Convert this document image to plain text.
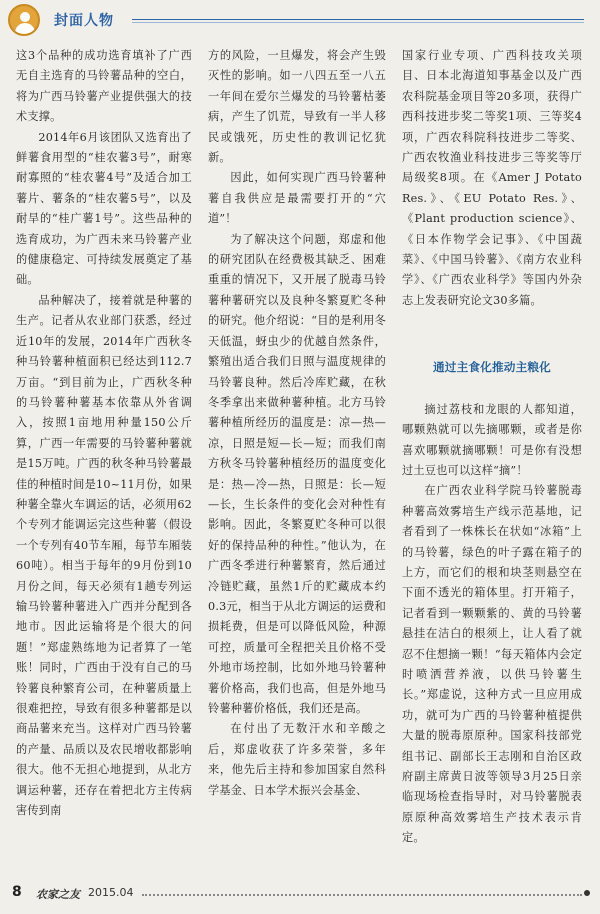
封面人物

这3个品种的成功选育填补了广西无自主选育的马铃薯品种的空白，将为广西马铃薯产业提供强大的技术支撑。

2014年6月该团队又选育出了鲜薯食用型的“桂农薯3号”，耐寒耐寡照的“桂农薯4号”及适合加工薯片、薯条的“桂农薯5号”，以及耐旱的“桂广薯1号”。这些品种的选育成功，为广西未来马铃薯产业的健康稳定、可持续发展奠定了基础。

品种解决了，接着就是种薯的生产。记者从农业部门获悉，经过近10年的发展，2014年广西秋冬种马铃薯种植面积已经达到112.7万亩。“到目前为止，广西秋冬种的马铃薯种薯基本依靠从外省调入，按照1亩地用种量150公斤算，广西一年需要的马铃薯种薯就是15万吨。广西的秋冬种马铃薯最佳的种植时间是10~11月份，如果种薯全靠火车调运的话，必须用62个专列才能调运完这些种薯（假设一个专列有40节车厢，每节车厢装60吨）。相当于每年的9月份到10月份之间，每天必须有1趟专列运输马铃薯种薯进入广西并分配到各地市。因此运输将是个很大的问题！”郑虚熟练地为记者算了一笔账！同时，广西由于没有自己的马铃薯良种繁育公司，在种薯质量上很难把控，导致有很多种薯都是以商品薯来充当。这样对广西马铃薯的产量、品质以及农民增收都影响很大。他不无担心地提到，从北方调运种薯，还存在着把北方主传病害传到南

方的风险，一旦爆发，将会产生毁灭性的影响。如一八四五至一八五一年间在爱尔兰爆发的马铃薯枯萎病，产生了饥荒，导致有一半人移民或饿死，历史性的教训记忆犹新。

因此，如何实现广西马铃薯种薯自我供应是最需要打开的“穴道”！

为了解决这个问题，郑虚和他的研究团队在经费极其缺乏、困难重重的情况下，又开展了脱毒马铃薯种薯研究以及良种冬繁夏贮冬种的研究。他介绍说：“目的是利用冬天低温，蚜虫少的优越自然条件，繁殖出适合我们日照与温度规律的马铃薯良种。然后冷库贮藏，在秋冬季拿出来做种薯种植。北方马铃薯种植所经历的温度是：凉—热—凉，日照是短—长—短；而我们南方秋冬马铃薯种植经历的温度变化是：热—冷—热，日照是：长—短—长，生长条件的变化会对种性有影响。因此，冬繁夏贮冬种可以很好的保持品种的种性。”他认为，在广西冬季进行种薯繁育，然后通过冷链贮藏，虽然1斤的贮藏成本约0.3元，相当于从北方调运的运费和损耗费，但是可以降低风险，种源可控，质量可全程把关且价格不受外地市场控制，比如外地马铃薯种薯价格高，我们也高，但是外地马铃薯种薯价格低，我们还是高。

在付出了无数汗水和辛酸之后，郑虚收获了许多荣誉，多年来，他先后主持和参加国家自然科学基金、日本学术振兴会基金、

国家行业专项、广西科技攻关项目、日本北海道知事基金以及广西农科院基金项目等20多项，获得广西科技进步奖二等奖1项、三等奖4项，广西农科院科技进步二等奖、广西农牧渔业科技进步三等奖等厅局级奖8项。在《Amer J Potato Res.》、《EU Potato Res.》、《Plant production science》、《日本作物学会记事》、《中国蔬菜》、《中国马铃薯》、《南方农业科学》、《广西农业科学》等国内外杂志上发表研究论文30多篇。

通过主食化推动主粮化

摘过荔枝和龙眼的人都知道，哪颗熟就可以先摘哪颗，或者是你喜欢哪颗就摘哪颗！可是你有没想过土豆也可以这样“摘”！

在广西农业科学院马铃薯脱毒种薯高效雾培生产线示范基地，记者看到了一株株长在状如“冰箱”上的马铃薯，绿色的叶子露在箱子的上方，而它们的根和块茎则悬空在下面不透光的箱体里。打开箱子，记者看到一颗颗紫的、黄的马铃薯悬挂在洁白的根须上，让人看了就忍不住想摘一颗！“每天箱体内会定时喷洒营养液，以供马铃薯生长。”郑虚说，这种方式一旦应用成功，就可为广西的马铃薯种植提供大量的脱毒原原种。国家科技部党组书记、副部长王志刚和自治区政府副主席黄日波等领导3月25日亲临现场检查指导时，对马铃薯脱表原原种高效雾培生产技术表示肯定。

8 农家之友 2015.04
